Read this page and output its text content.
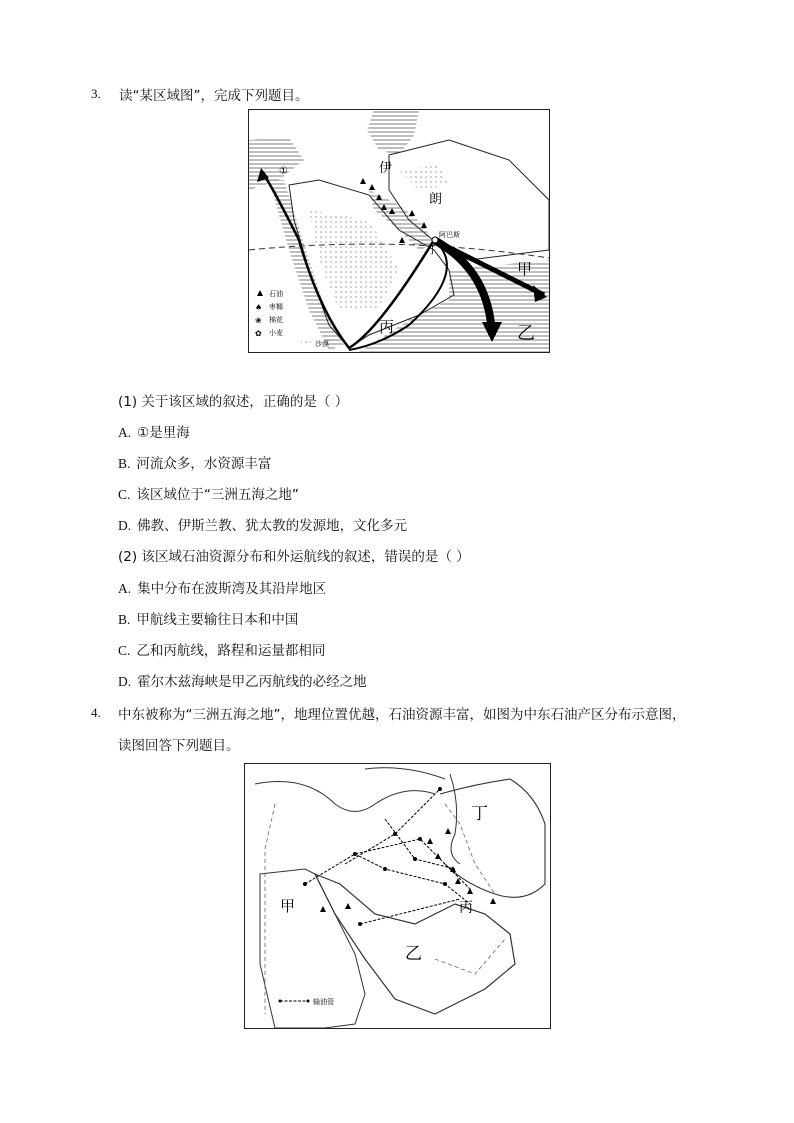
3. 读“某区域图”，完成下列题目。
①	伊
朗
阿巴斯
丁
甲
乙
丙
石油
♠ 枣椰
❀ 棉花
✿ 小麦
沙漠
(1) 关于该区域的叙述，正确的是（ ）
A. ①是里海
B. 河流众多，水资源丰富
C. 该区域位于“三洲五海之地”
D. 佛教、伊斯兰教、犹太教的发源地，文化多元
(2) 该区域石油资源分布和外运航线的叙述，错误的是（ ）
A. 集中分布在波斯湾及其沿岸地区
B. 甲航线主要输往日本和中国
C. 乙和丙航线，路程和运量都相同
D. 霍尔木兹海峡是甲乙丙航线的必经之地
4. 中东被称为“三洲五海之地”，地理位置优越，石油资源丰富，如图为中东石油产区分布示意图，
读图回答下列题目。
丁
甲	丙
乙
输油管
